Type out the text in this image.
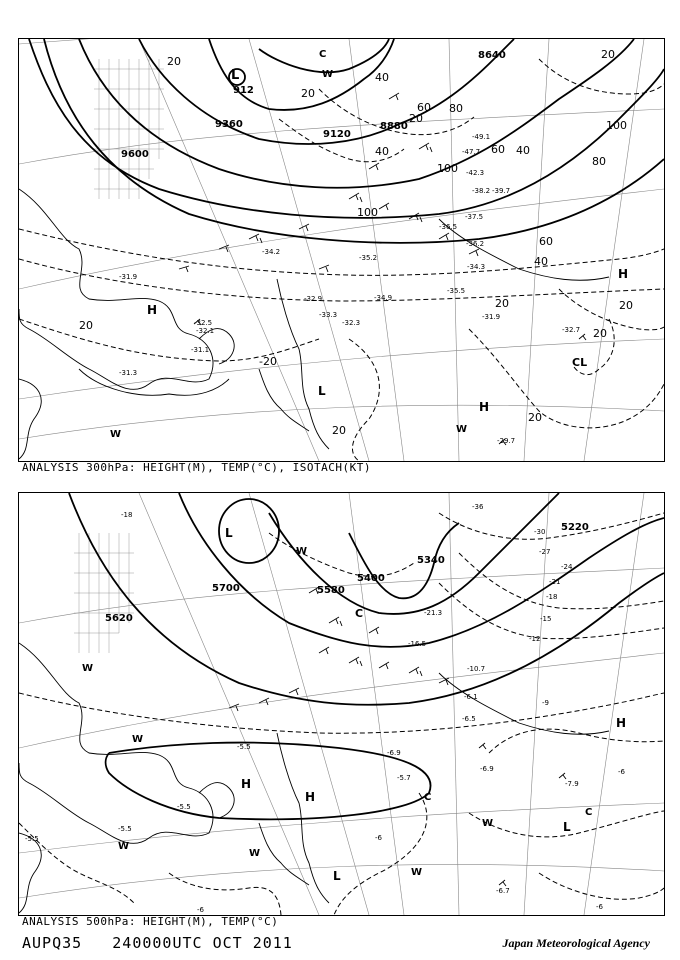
9600
9360
9120
8880
8640
912
20
40
20
60
40
20
80
100
60 40
80
100
100
60
40
20	20
20
-20
20
20
20
20
-49.1
-47.7
-42.3
-38.2 -39.7
-37.5
-36.2
-34.3
-34.9
-33.3
-32.9
-31.9
-32.5
-32.1
-31.1
-32.3
-31.9
-32.7
-31.3
-29.7
-35.5
-36.5
-35.2
-34.2
L
H
L
H
H
CL
W	W
W
C
ANALYSIS 300hPa: HEIGHT(M), TEMP(°C), ISOTACH(KT)
5700
5620
5580
5400
5340
5220
-18
-36
-30
-27
-24
-21
-18
-15
-12
-9
-6
-6
-6	-6
-21.3
-16.5
-10.7
-6.1
-6.5
-5.5
-6.9
-5.7
-6.9
-7.9
-5.5
-5.5
-6.7
-5.5
L
W
C
W
W
H
H	C
W	L
C
H
W
L	W
W
ANALYSIS 500hPa: HEIGHT(M), TEMP(°C)
AUPQ35   240000UTC OCT 2011	Japan Meteorological Agency
